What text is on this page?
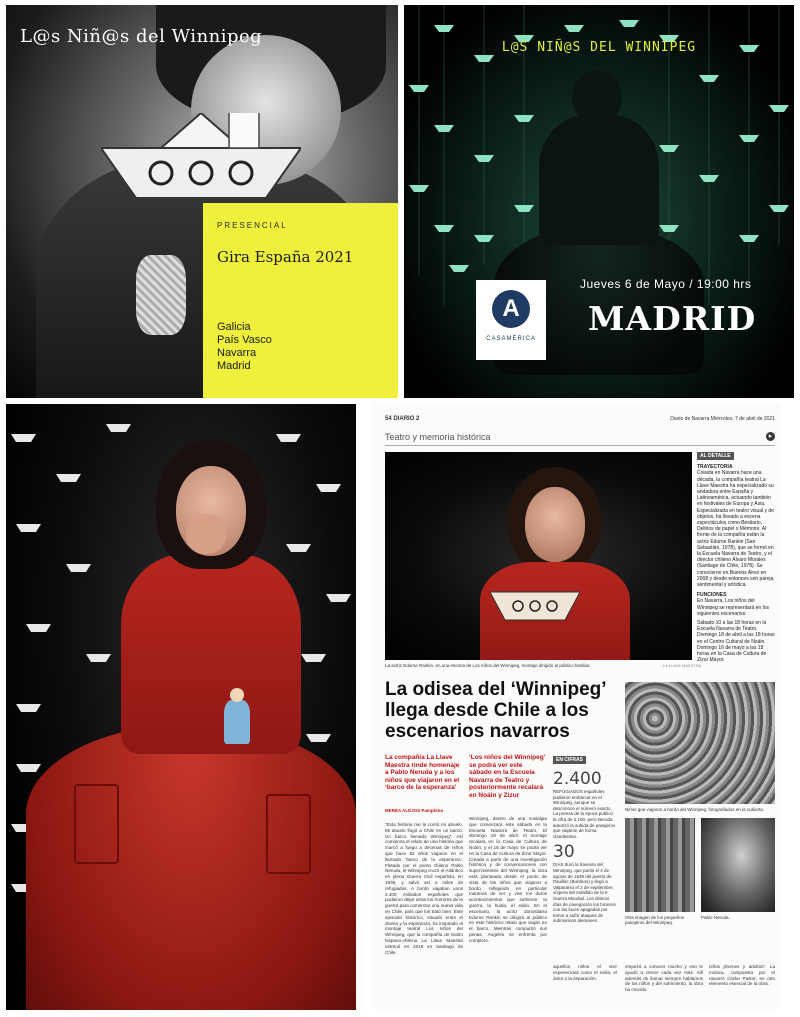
L@s Niñ@s del Winnipeg
PRESENCIAL
Gira España 2021
Galicia
País Vasco
Navarra
Madrid
L@S NIÑ@S DEL WINNIPEG
A
CASAMÉRICA
Jueves 6 de Mayo / 19:00 hrs
MADRID
54 DIARIO 2	Diario de Navarra Miércoles, 7 de abril de 2021
Teatro y memoria histórica	▸
La actriz Edurne Rankin, en una escena de Los niños del Winnipeg, montaje dirigido al público familiar.	LA LLAVE MAESTRA
AL DETALLE
TRAYECTORIA
Creada en Navarra hace una década, la compañía teatral La Llave Maestra ha especializado su andadura entre España y Latinoamérica, actuando también en festivales de Europa y Asia. Especializada en teatro visual y de objetos, ha llevado a escena espectáculos como Bestiario, Delirios de papel o Mémoire. Al frente de la compañía están la actriz Edurne Rankin (San Sebastián, 1978), que se formó en la Escuela Navarra de Teatro, y el director chileno Álvaro Morales (Santiago de Chile, 1978). Se conocieron en Buenos Aires en 2008 y desde entonces son pareja sentimental y artística.
FUNCIONES
En Navarra, Los niños del Winnipeg se representará en los siguientes escenarios:
Sábado 10 a las 18 horas en la Escuela Navarra de Teatro. Domingo 18 de abril a las 18 horas en el Centro Cultural de Noáin. Domingo 16 de mayo a las 18 horas en la Casa de Cultura de Zizur Mayor.
La odisea del ‘Winnipeg’ llega desde Chile a los escenarios navarros
La compañía La Llave Maestra rinde homenaje a Pablo Neruda y a los niños que viajaron en el ‘barco de la esperanza’
‘Los niños del Winnipeg’ se podrá ver este sábado en la Escuela Navarra de Teatro y posteriormente recalará en Noáin y Zizur
MERÉA ALEJOS Pamplona
“Esta historia me la contó mi abuelo. Mi abuelo llegó a Chile en un barco. Un barco llamado Winnipeg”. Así comienza el relato de una historia que marcó a fuego a decenas de niños que hace 82 años viajaron en el llamado ‘barco de la esperanza’. Fletado por el poeta chileno Pablo Neruda, el Winnipeg cruzó el Atlántico en plena Guerra Civil española, en 1939, y salvó así a miles de refugiados. A bordo viajaban unos 2.400 exiliados españoles que pudieron dejar atrás los horrores de la guerra para comenzar una nueva vida en Chile, país que los trató bien. Este episodio histórico, situado entre el drama y la esperanza, ha inspirado el montaje teatral Los niños del Winnipeg, que la compañía de teatro hispano-chilena La Llave Maestra estrenó en 2019 en Santiago de Chile.
Winnipeg, dentro de una nostalgia que comenzará este sábado en la Escuela Navarra de Teatro. El domingo 18 de abril, el montaje recalará en la Casa de Cultura de Noáin, y el 16 de mayo se podrá ver en la Casa de Cultura de Zizur Mayor. Creada a partir de una investigación histórica y de conversaciones con supervivientes del Winnipeg, la obra está planteada desde el punto de vista de los niños que viajaron a bordo, reflejando en particular maneras de ver y vivir los duros acontecimientos que sufrieron: la guerra, la huida, el exilio. En el escenario, la actriz donostiarra Edurne Rankin se dirigirá al público en este histórico relato que viajan en el barco. Mientras compartió sus penas, Ángeles se enfrenta por completo.
EN CIFRAS
2.400
REFUGIADOS españoles pudieron embarcar en el Winnipeg, aunque se desconoce el número exacto. La prensa de la época publicó la cifra de 2.100, pero Neruda autorizó la subida de pasajeros que viajaron de forma clandestina.
30
DÍAS duró la travesía del Winnipeg, que partió el 4 de agosto de 1939 del puerto de Pauillac (Burdeos) y llegó a Valparaíso el 2 de septiembre, víspera del estallido de la II Guerra Mundial. Los últimos días de navegación los hicieron con las luces apagadas por temor a sufrir ataques de submarinos alemanes.
aquellos niños el vivir experiencias como el exilio, el dolor o la separación.
empezó a conocer mucho y eso le ayudó a crecer cada vez más. Allí además de llamar siempre hablamos de los niños y del sufrimiento, la obra ha crecido.
niños jóvenes y adultos”. La música, compuesta por el navarro Gorka Pastor, es otro elemento esencial de la obra.
Niños que viajaron a bordo del Winnipeg, fotografiados en la cubierta.
Otra imagen de los pequeños pasajeros del Winnipeg.
Pablo Neruda.
